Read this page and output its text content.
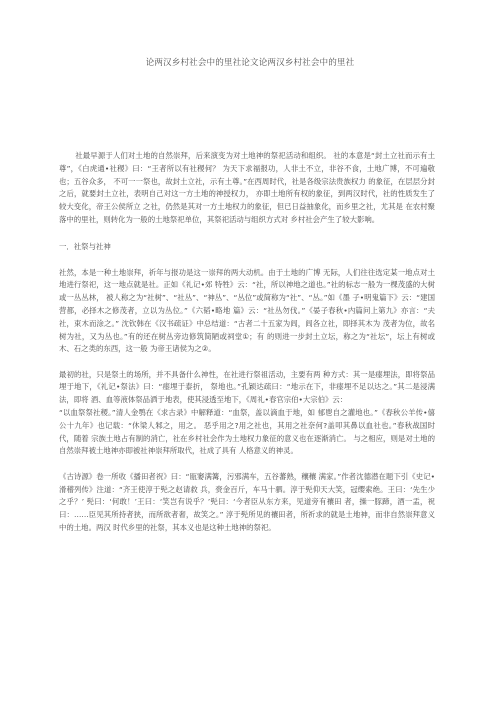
论两汉乡村社会中的里社论文论两汉乡村社会中的里社

社最早源于人们对土地的自然崇拜，后来演变为对土地神的祭祀活动和组织。 社的本意是“封土立社而示有土尊”，《白虎通•社稷》曰：“王者所以有社稷何？ 为天下求福报功，人非土不立，非谷不食，土地广博，不可遍敬也；五谷众多， 不可一一祭也，故封土立社，示有土尊。”在西周时代，社是各级宗法贵族权力 的象征，在层层分封之后，就要封土立社，表明自己对这一方土地的神授权力， 亦即土地所有权的象征，到两汉时代，社的性质发生了较大变化，帝王公侯所立 之社，仍然是其对一方土地权力的象征，但已日益抽象化，而乡里之社，尤其是 在农村聚落中的里社，则转化为一般的土地祭祀单位，其祭祀活动与组织方式对 乡村社会产生了较大影响。

一．社祭与社神

社然，本是一种土地崇拜，祈年与报功是这一崇拜的两大动机。由于土地的广博 无际，人们往往选定某一地点对土地进行祭祀，这一地点就是社。正如《礼记•郊 特牲》云：“社，所以神地之道也。”社的标志一般为一棵茂盛的大树或一丛丛林， 被人称之为“社树”、“社丛”、“神丛”、“丛位”或简称为“社”、“丛。”如《墨 子•明鬼篇下》云：“建国营都，必择木之修茂者，立以为丛位。”《六韬•略地 篇》云：“社丛勿伐。”《晏子春秋•内篇问上第九》亦言：“夫社，束木而涂之。” 沈钦韩在《汉书疏证》中总结道：“古者二十五家为闾，闾各立社，即择其木为 茂者为位，故名树为社，又为丛也。”有的还在树丛旁边修筑简陋或祠堂①；有 的则进一步封土立坛，称之为“社坛”，坛上有树或木、石之类的东西，这一般 为帝王诸侯为之②。

最初的社，只是祭土的场所，并不具备什么神性，在社进行祭祖活动，主要有两 种方式：其一是瘗埋法，即将祭品埋于地下，《礼记•祭法》曰：“瘗埋于泰折， 祭地也。”孔颖达疏曰：“地示在下，非瘗埋不足以达之。”其二是浸满法，即将 酒、血等液体祭品洒于地表，使其浸透至地下，《周礼•春官宗伯•大宗伯》云：

“以血祭祭社稷。”清人金鹗在《求古录》中解释道：“血祭，盖以滴血于地，如 郁鬯自之灌地也。”《春秋公羊传•僖公十九年》也记载：“休梁人邾之，用之。 恶乎用之?用之社也，其用之社奈何?盖叩其鼻以血社也。”春秋战国时代，随着 宗族土地占有制的消亡，社在乡村社会作为土地权力象征的意义也在逐渐消亡。 与之相应，则是对土地的自然崇拜被土地神亦即被社神崇拜所取代，社成了具有 人格意义的神灵。

《古诗源》卷一所收《播田者祝》曰：“瓯窭满篝，污邪满车，五谷蕃熟，穰穰 满家。”作者沈德潜在题下引《史记•滑稽列传》注道：“齐王使淳于髡之赵请救 兵，赍金百斤，车马十驷。淳于髡仰天大笑，冠缨索绝。王曰：‘先生少之乎？’ 髡曰：‘何敢！’王曰：‘笑岂有说乎？’髡曰：‘今者臣从东方来，见道旁有禳田 者，操一豚蹄，酒一盂，祝曰：……臣见其所持者狭，而所欲者奢，故笑之。” 淳于髡所见的禳田者，所祈求的就是土地神，而非自然崇拜意义中的土地。两汉 时代乡里的社祭，其本义也是这种土地神的祭祀。
